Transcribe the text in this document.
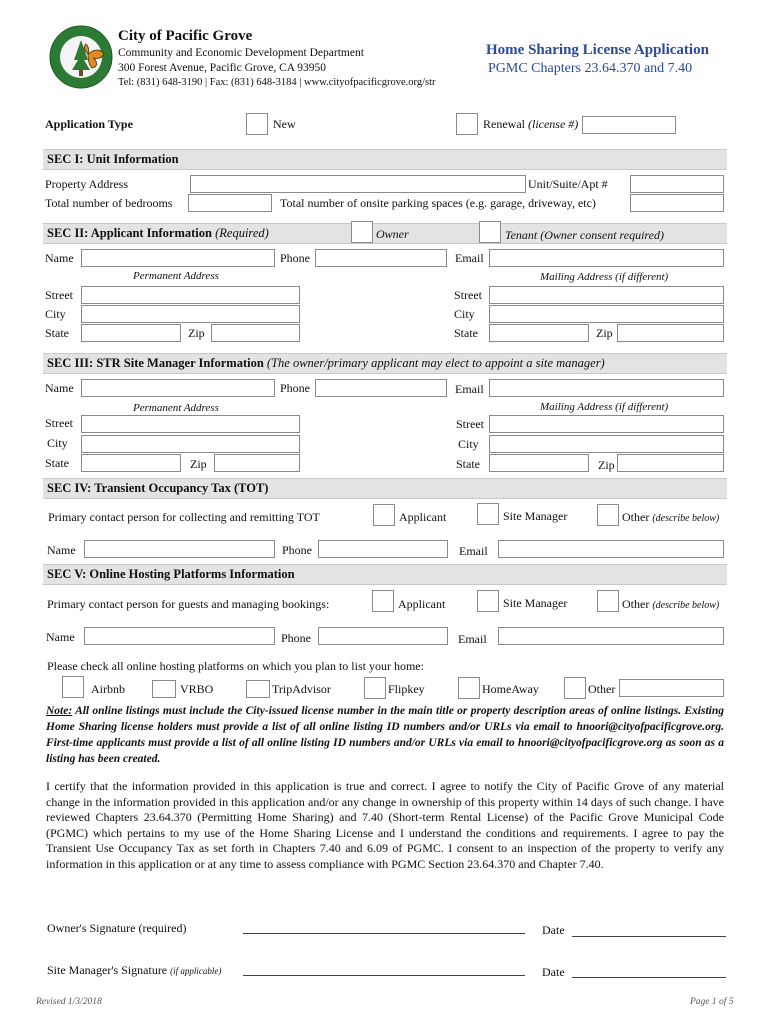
City of Pacific Grove
Community and Economic Development Department
300 Forest Avenue, Pacific Grove, CA 93950
Tel: (831) 648-3190 | Fax: (831) 648-3184 | www.cityofpacificgrove.org/str
Home Sharing License Application
PGMC Chapters 23.64.370 and 7.40
Application Type	New	Renewal (license #)
SEC I: Unit Information
Property Address	Unit/Suite/Apt #
Total number of bedrooms	Total number of onsite parking spaces (e.g. garage, driveway, etc)
SEC II: Applicant Information (Required)	Owner	Tenant (Owner consent required)
Name	Phone	Email
Permanent Address	Mailing Address (if different)
Street	Street
City	City
State	Zip	State	Zip
SEC III: STR Site Manager Information (The owner/primary applicant may elect to appoint a site manager)
Name	Phone	Email
Permanent Address	Mailing Address (if different)
Street	Street
City	City
State	Zip	State	Zip
SEC IV: Transient Occupancy Tax (TOT)
Primary contact person for collecting and remitting TOT	Applicant	Site Manager	Other (describe below)
Name	Phone	Email
SEC V: Online Hosting Platforms Information
Primary contact person for guests and managing bookings:	Applicant	Site Manager	Other (describe below)
Name	Phone	Email
Please check all online hosting platforms on which you plan to list your home:
Airbnb	VRBO	TripAdvisor	Flipkey	HomeAway	Other
Note: All online listings must include the City-issued license number in the main title or property description areas of online listings. Existing Home Sharing license holders must provide a list of all online listing ID numbers and/or URLs via email to hnoori@cityofpacificgrove.org. First-time applicants must provide a list of all online listing ID numbers and/or URLs via email to hnoori@cityofpacificgrove.org as soon as a listing has been created.
I certify that the information provided in this application is true and correct. I agree to notify the City of Pacific Grove of any material change in the information provided in this application and/or any change in ownership of this property within 14 days of such change. I have reviewed Chapters 23.64.370 (Permitting Home Sharing) and 7.40 (Short-term Rental License) of the Pacific Grove Municipal Code (PGMC) which pertains to my use of the Home Sharing License and I understand the conditions and requirements. I agree to pay the Transient Use Occupancy Tax as set forth in Chapters 7.40 and 6.09 of PGMC. I consent to an inspection of the property to verify any information in this application or at any time to assess compliance with PGMC Section 23.64.370 and Chapter 7.40.
Owner's Signature (required)	Date
Site Manager's Signature (if applicable)	Date
Revised 1/3/2018	Page 1 of 5
